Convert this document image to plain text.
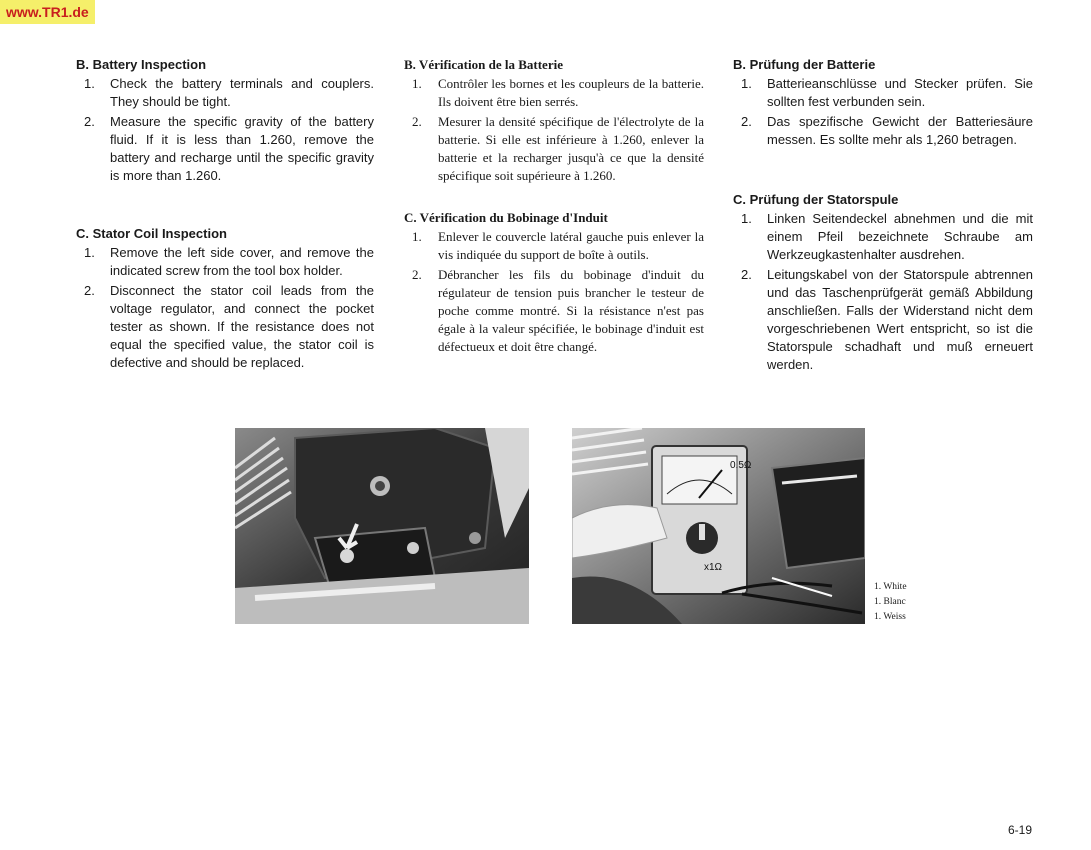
www.TR1.de
B. Battery Inspection
1. Check the battery terminals and couplers. They should be tight.
2. Measure the specific gravity of the battery fluid. If it is less than 1.260, remove the battery and recharge until the specific gravity is more than 1.260.
C. Stator Coil Inspection
1. Remove the left side cover, and remove the indicated screw from the tool box holder.
2. Disconnect the stator coil leads from the voltage regulator, and connect the pocket tester as shown. If the resistance does not equal the specified value, the stator coil is defective and should be replaced.
B. Vérification de la Batterie
1. Contrôler les bornes et les coupleurs de la batterie. Ils doivent être bien serrés.
2. Mesurer la densité spécifique de l'électrolyte de la batterie. Si elle est inférieure à 1.260, enlever la batterie et la recharger jusqu'à ce que la densité spécifique soit supérieure à 1.260.
C. Vérification du Bobinage d'Induit
1. Enlever le couvercle latéral gauche puis enlever la vis indiquée du support de boîte à outils.
2. Débrancher les fils du bobinage d'induit du régulateur de tension puis brancher le testeur de poche comme montré. Si la résistance n'est pas égale à la valeur spécifiée, le bobinage d'induit est défectueux et doit être changé.
B. Prüfung der Batterie
1. Batterieanschlüsse und Stecker prüfen. Sie sollten fest verbunden sein.
2. Das spezifische Gewicht der Batteriesäure messen. Es sollte mehr als 1,260 betragen.
C. Prüfung der Statorspule
1. Linken Seitendeckel abnehmen und die mit einem Pfeil bezeichnete Schraube am Werkzeugkastenhalter ausdrehen.
2. Leitungskabel von der Statorspule abtrennen und das Taschenprüfgerät gemäß Abbildung anschließen. Falls der Widerstand nicht dem vorgeschriebenen Wert entspricht, so ist die Statorspule schadhaft und muß erneuert werden.
0.5Ω
x1Ω
1. White
1. Blanc
1. Weiss
6-19
